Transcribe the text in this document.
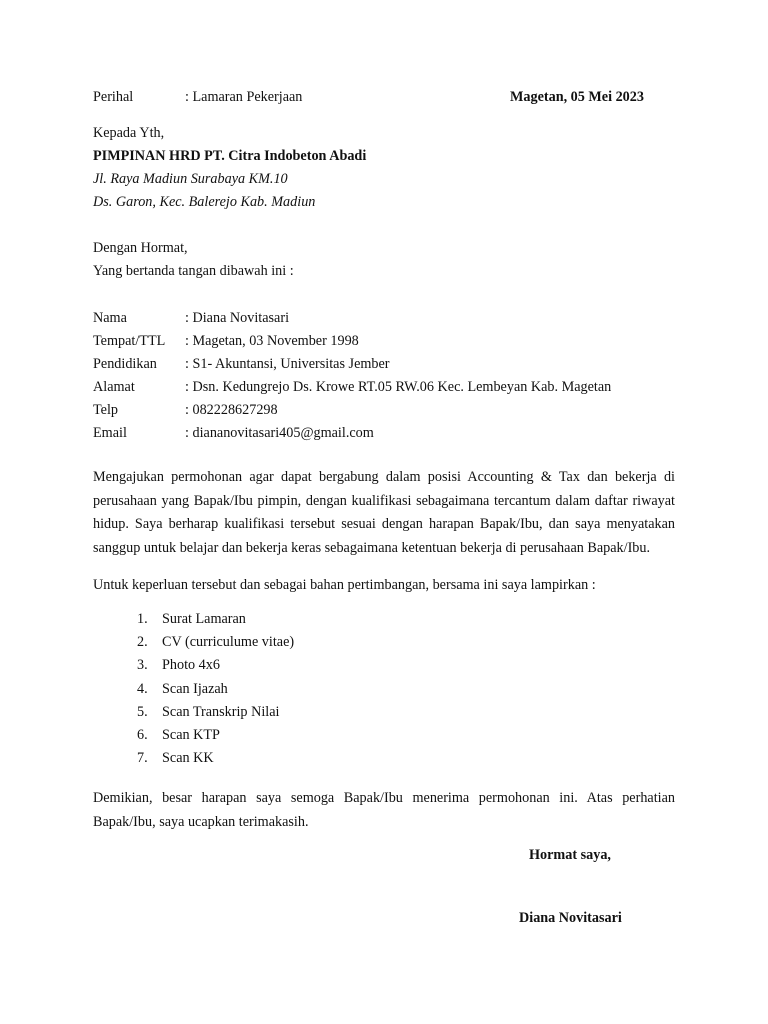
Perihal	: Lamaran Pekerjaan	Magetan, 05 Mei 2023
Kepada Yth,
PIMPINAN HRD PT. Citra Indobeton Abadi
Jl. Raya Madiun Surabaya KM.10
Ds. Garon, Kec. Balerejo Kab. Madiun
Dengan Hormat,
Yang bertanda tangan dibawah ini :
Nama	: Diana Novitasari
Tempat/TTL : Magetan, 03 November 1998
Pendidikan : S1- Akuntansi, Universitas Jember
Alamat	: Dsn. Kedungrejo Ds. Krowe RT.05 RW.06 Kec. Lembeyan Kab. Magetan
Telp	: 082228627298
Email	: diananovitasari405@gmail.com
Mengajukan permohonan agar dapat bergabung dalam posisi Accounting & Tax dan bekerja di perusahaan yang Bapak/Ibu pimpin, dengan kualifikasi sebagaimana tercantum dalam daftar riwayat hidup. Saya berharap kualifikasi tersebut sesuai dengan harapan Bapak/Ibu, dan saya menyatakan sanggup untuk belajar dan bekerja keras sebagaimana ketentuan bekerja di perusahaan Bapak/Ibu.
Untuk keperluan tersebut dan sebagai bahan pertimbangan, bersama ini saya lampirkan :
1. Surat Lamaran
2. CV (curriculume vitae)
3. Photo 4x6
4. Scan Ijazah
5. Scan Transkrip Nilai
6. Scan KTP
7. Scan KK
Demikian, besar harapan saya semoga Bapak/Ibu menerima permohonan ini. Atas perhatian Bapak/Ibu, saya ucapkan terimakasih.
Hormat saya,
Diana Novitasari
